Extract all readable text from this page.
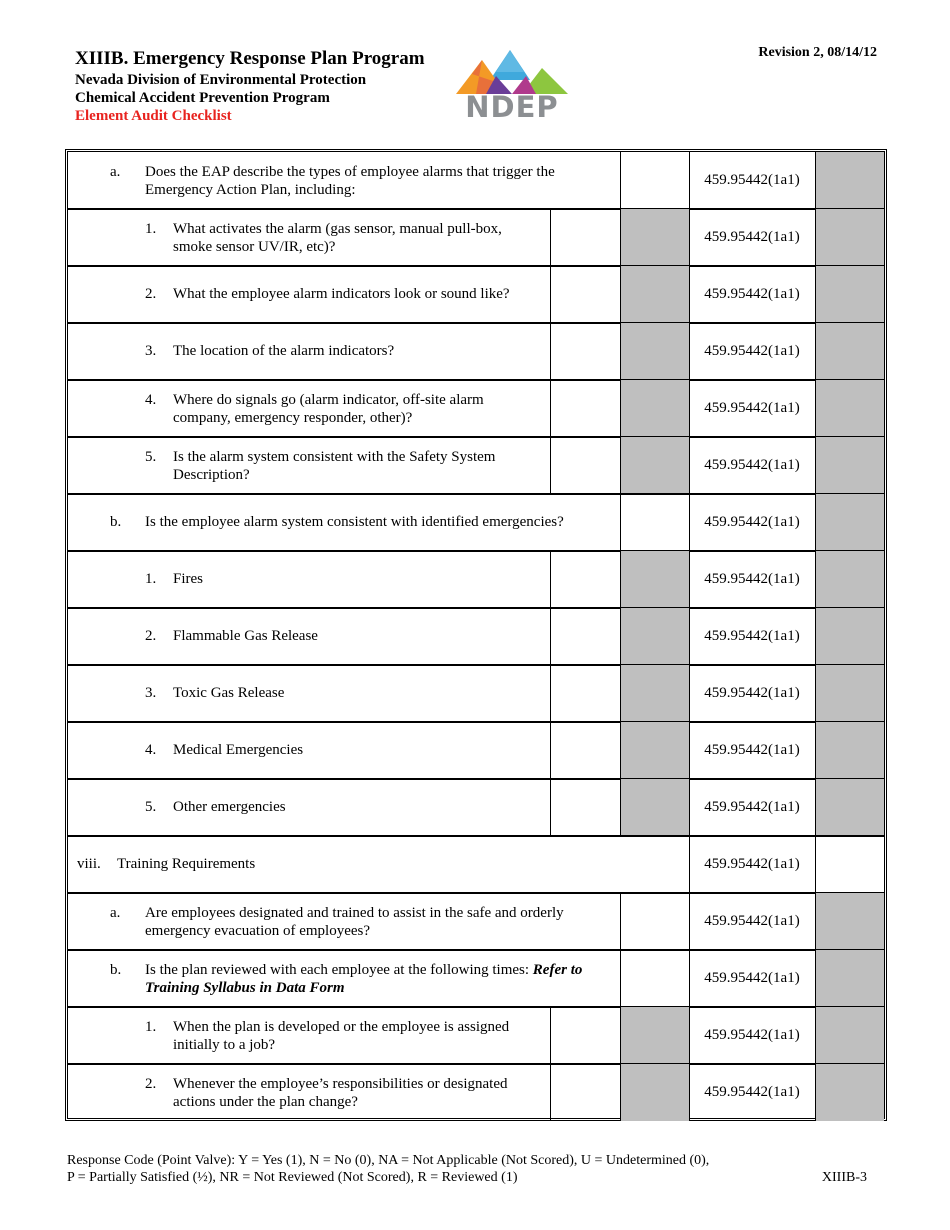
XIIIB. Emergency Response Plan Program
Nevada Division of Environmental Protection
Chemical Accident Prevention Program
Element Audit Checklist
Revision 2, 08/14/12
NDEP
a. Does the EAP describe the types of employee alarms that trigger the Emergency Action Plan, including:
459.95442(1a1)
1. What activates the alarm (gas sensor, manual pull-box, smoke sensor UV/IR, etc)?
459.95442(1a1)
2. What the employee alarm indicators look or sound like?	459.95442(1a1)
3. The location of the alarm indicators?	459.95442(1a1)
4. Where do signals go (alarm indicator, off-site alarm company, emergency responder, other)?
459.95442(1a1)
5. Is the alarm system consistent with the Safety System Description?
459.95442(1a1)
b. Is the employee alarm system consistent with identified emergencies?	459.95442(1a1)
1. Fires	459.95442(1a1)
2. Flammable Gas Release	459.95442(1a1)
3. Toxic Gas Release	459.95442(1a1)
4. Medical Emergencies	459.95442(1a1)
5. Other emergencies	459.95442(1a1)
viii. Training Requirements	459.95442(1a1)
a. Are employees designated and trained to assist in the safe and orderly emergency evacuation of employees?
459.95442(1a1)
b. Is the plan reviewed with each employee at the following times: Refer to Training Syllabus in Data Form
459.95442(1a1)
1. When the plan is developed or the employee is assigned initially to a job?
459.95442(1a1)
2. Whenever the employee’s responsibilities or designated actions under the plan change?
459.95442(1a1)
Response Code (Point Valve): Y = Yes (1), N = No (0), NA = Not Applicable (Not Scored), U = Undetermined (0),
P = Partially Satisfied (½), NR = Not Reviewed (Not Scored), R = Reviewed (1)	XIIIB-3
